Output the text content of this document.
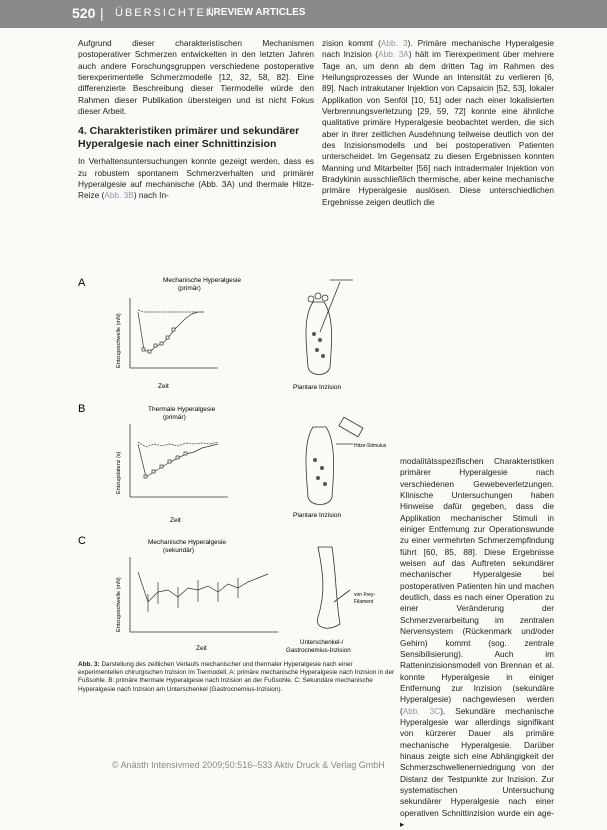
520 | ÜBERSICHTEN
/ REVIEW ARTICLES

Aufgrund dieser charakteristischen Mechanismen postoperativer Schmerzen entwickelten in den letzten Jahren auch andere Forschungsgruppen verschiedene postoperative tierexperimentelle Schmerzmodelle [12, 32, 58, 82]. Eine differenzierte Beschreibung dieser Tiermodelle würde den Rahmen dieser Publikation übersteigen und ist nicht Fokus dieser Arbeit.

4. Charakteristiken primärer und sekundärer Hyperalgesie nach einer Schnittinzision

In Verhaltensuntersuchungen konnte gezeigt werden, dass es zu robustem spontanem Schmerzverhalten und primärer Hyperalgesie auf mechanische (Abb. 3A) und thermale Hitze-Reize (Abb. 3B) nach In-

zision kommt (Abb. 3). Primäre mechanische Hyperalgesie nach Inzision (Abb. 3A) hält im Tierexperiment über mehrere Tage an, um denn ab dem dritten Tag im Rahmen des Heilungsprozesses der Wunde an Intensität zu verlieren [6, 89]. Nach intrakutaner Injektion von Capsaicin [52, 53], lokaler Applikation von Senföl [10, 51] oder nach einer lokalisierten Verbrennungsverletzung [29, 59, 72] konnte eine ähnliche qualitative primäre Hyperalgesie beobachtet werden, die sich aber in ihrer zeitlichen Ausdehnung teilweise deutlich von der des Inzisionsmodells und bei postoperativen Patienten unterscheidet. Im Gegensatz zu diesen Ergebnissen konnten Manning und Mitarbeiter [56] nach intradermaler Injektion von Bradykinin ausschließlich thermische, aber keine mechanische primäre Hyperalgesie auslösen. Diese unterschiedlichen Ergebnisse zeigen deutlich die

A	Mechanische Hyperalgesie
(primär)
Entzugsschwelle (mN)
Zeit	Plantare Inzision
B	Thermale Hyperalgesie
(primär)
Entzugslatenz (s)
Zeit
Hitze-Stimulus
Plantare Inzision
C	Mechanische Hyperalgesie
(sekundär)
Entzugsschwelle (mN)
Zeit
von Frey-
Filament
Unterschenkel-/
Gastrocnemius-Inzision
Abb. 3: Darstellung des zeitlichen Verlaufs mechanischer und thermaler Hyperalgesie nach einer experimentellen chirurgischen Inzision im Tiermodell. A: primäre mechanische Hyperalgesie nach Inzision in der Fußsohle. B: primäre thermale Hyperalgesie nach Inzision an der Fußsohle. C: Sekundäre mechanische Hyperalgesie nach Inzision am Unterschenkel (Gastrocnemius-Inzision).
modalitätsspezifischen Charakteristiken primärer Hyperalgesie nach verschiedenen Gewebeverletzungen. Klinische Untersuchungen haben Hinweise dafür gegeben, dass die Applikation mechanischer Stimuli in einiger Entfernung zur Operationswunde zu einer vermehrten Schmerzempfindung führt [60, 85, 88]. Diese Ergebnisse weisen auf das Auftreten sekundärer mechanischer Hyperalgesie bei postoperativen Patienten hin und machen deutlich, dass es nach einer Operation zu einer Veränderung der Schmerzverarbeitung im zentralen Nervensystem (Rückenmark und/oder Gehirn) kommt (sog. zentrale Sensibilisierung). Auch im Ratteninzisionsmodell von Brennan et al. konnte Hyperalgesie in einiger Entfernung zur Inzision (sekundäre Hyperalgesie) nachgewiesen werden (Abb. 3C). Sekundäre mechanische Hyperalgesie war allerdings signifikant von kürzerer Dauer als primäre mechanische Hyperalgesie. Darüber hinaus zeigte sich eine Abhängigkeit der Schmerzschwellenerniedrigung von der Distanz der Testpunkte zur Inzision. Zur systematischen Untersuchung sekundärer Hyperalgesie nach einer operativen Schnittinzision wurde ein age- ▸
© Anästh Intensivmed 2009;50:516–533 Aktiv Druck & Verlag GmbH
